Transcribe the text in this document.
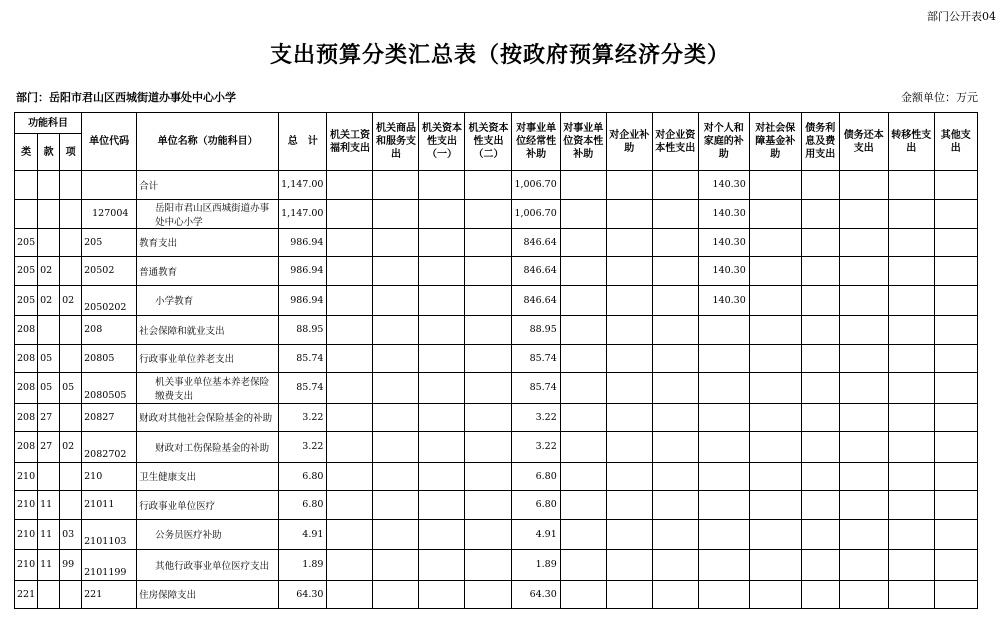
部门公开表04
支出预算分类汇总表（按政府预算经济分类）
部门：岳阳市君山区西城街道办事处中心小学	金额单位：万元
功能科目			单位代码	单位名称（功能科目）	总　计	机关工资福利支出	机关商品和服务支出	机关资本性支出（一）	机关资本性支出（二）	对事业单位经常性补助	对事业单位资本性补助	对企业补助	对企业资本性支出	对个人和家庭的补助	对社会保障基金补助	债务利息及费用支出	债务还本支出	转移性支出	其他支出
类	款	项																	
				合计	1,147.00					1,006.70				140.30					
			127004	岳阳市君山区西城街道办事处中心小学	1,147.00					1,006.70				140.30					
205			205	教育支出	986.94					846.64				140.30					
205	02		20502	普通教育	986.94					846.64				140.30					
205	02	02	2050202	小学教育	986.94					846.64				140.30					
208			208	社会保障和就业支出	88.95					88.95									
208	05		20805	行政事业单位养老支出	85.74					85.74									
208	05	05	2080505	机关事业单位基本养老保险缴费支出	85.74					85.74									
208	27		20827	财政对其他社会保险基金的补助	3.22					3.22									
208	27	02	2082702	财政对工伤保险基金的补助	3.22					3.22									
210			210	卫生健康支出	6.80					6.80									
210	11		21011	行政事业单位医疗	6.80					6.80									
210	11	03	2101103	公务员医疗补助	4.91					4.91									
210	11	99	2101199	其他行政事业单位医疗支出	1.89					1.89									
221			221	住房保障支出	64.30					64.30									
